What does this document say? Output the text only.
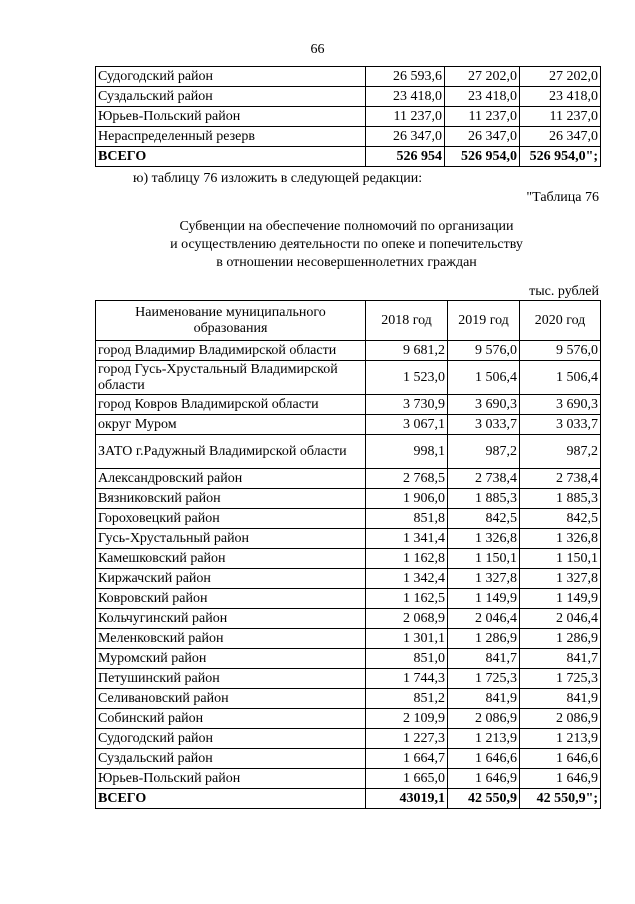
66
Судогодский район	26 593,6	27 202,0	27 202,0
Суздальский район	23 418,0	23 418,0	23 418,0
Юрьев-Польский район	11 237,0	11 237,0	11 237,0
Нераспределенный резерв	26 347,0	26 347,0	26 347,0
ВСЕГО	526 954	526 954,0	526 954,0";
ю) таблицу 76 изложить в следующей редакции:
"Таблица 76
Субвенции на обеспечение полномочий по организации
и осуществлению деятельности по опеке и попечительству
в отношении несовершеннолетних граждан
тыс. рублей
Наименование муниципального образования	2018 год	2019 год	2020 год
город Владимир Владимирской области	9 681,2	9 576,0	9 576,0
город Гусь-Хрустальный Владимирской области	1 523,0	1 506,4	1 506,4
город Ковров Владимирской области	3 730,9	3 690,3	3 690,3
округ Муром	3 067,1	3 033,7	3 033,7
ЗАТО г.Радужный Владимирской области	998,1	987,2	987,2
Александровский район	2 768,5	2 738,4	2 738,4
Вязниковский район	1 906,0	1 885,3	1 885,3
Гороховецкий район	851,8	842,5	842,5
Гусь-Хрустальный район	1 341,4	1 326,8	1 326,8
Камешковский район	1 162,8	1 150,1	1 150,1
Киржачский район	1 342,4	1 327,8	1 327,8
Ковровский район	1 162,5	1 149,9	1 149,9
Кольчугинский район	2 068,9	2 046,4	2 046,4
Меленковский район	1 301,1	1 286,9	1 286,9
Муромский район	851,0	841,7	841,7
Петушинский район	1 744,3	1 725,3	1 725,3
Селивановский район	851,2	841,9	841,9
Собинский район	2 109,9	2 086,9	2 086,9
Судогодский район	1 227,3	1 213,9	1 213,9
Суздальский район	1 664,7	1 646,6	1 646,6
Юрьев-Польский район	1 665,0	1 646,9	1 646,9
ВСЕГО	43019,1	42 550,9	42 550,9";
